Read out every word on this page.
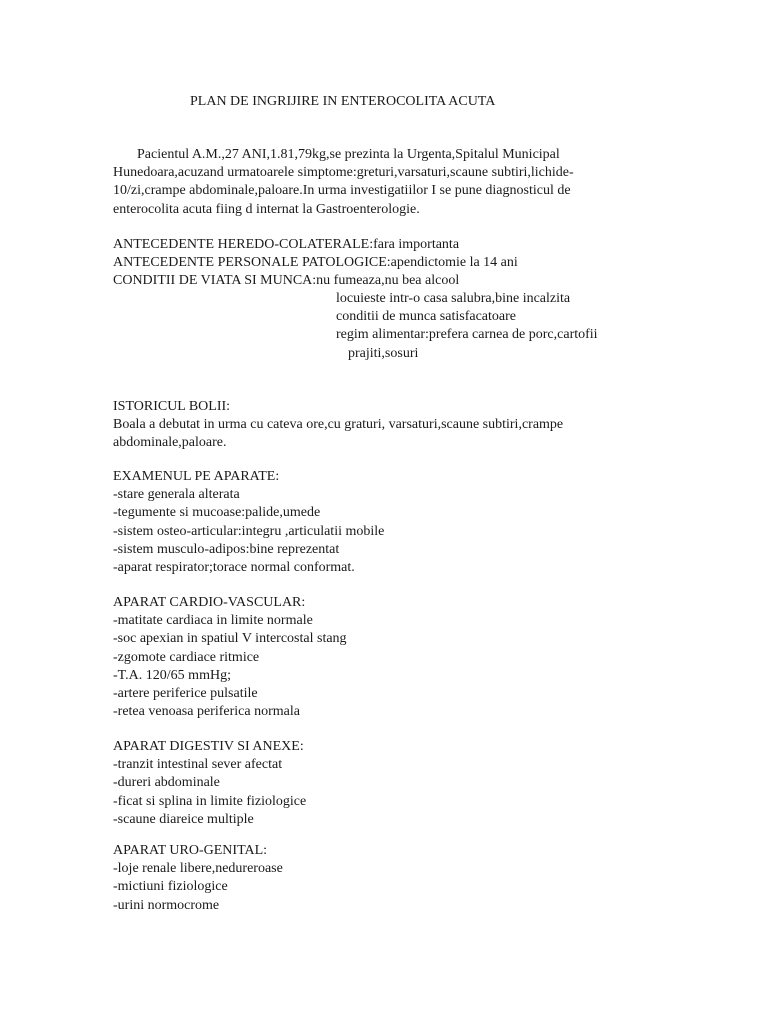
PLAN DE INGRIJIRE IN ENTEROCOLITA ACUTA
Pacientul A.M.,27 ANI,1.81,79kg,se prezinta la Urgenta,Spitalul Municipal
Hunedoara,acuzand urmatoarele simptome:greturi,varsaturi,scaune subtiri,lichide-
10/zi,crampe abdominale,paloare.In urma investigatiilor I se pune diagnosticul de
enterocolita acuta fiing d internat la Gastroenterologie.
ANTECEDENTE HEREDO-COLATERALE:fara importanta
ANTECEDENTE PERSONALE PATOLOGICE:apendictomie la 14 ani
CONDITII DE VIATA SI MUNCA:nu fumeaza,nu bea alcool
locuieste intr-o casa salubra,bine incalzita
conditii de munca satisfacatoare
regim alimentar:prefera carnea de porc,cartofii
prajiti,sosuri
ISTORICUL BOLII:
Boala a debutat in urma cu cateva ore,cu graturi, varsaturi,scaune subtiri,crampe
abdominale,paloare.
EXAMENUL PE APARATE:
-stare generala alterata
-tegumente si mucoase:palide,umede
-sistem osteo-articular:integru ,articulatii mobile
-sistem musculo-adipos:bine reprezentat
-aparat respirator;torace normal conformat.
APARAT CARDIO-VASCULAR:
-matitate cardiaca in limite normale
-soc apexian in spatiul V intercostal stang
-zgomote cardiace ritmice
-T.A. 120/65 mmHg;
-artere periferice pulsatile
-retea venoasa periferica normala
APARAT DIGESTIV SI ANEXE:
-tranzit intestinal sever afectat
-dureri abdominale
-ficat si splina in limite fiziologice
-scaune diareice multiple
APARAT URO-GENITAL:
-loje renale libere,nedureroase
-mictiuni fiziologice
-urini normocrome
